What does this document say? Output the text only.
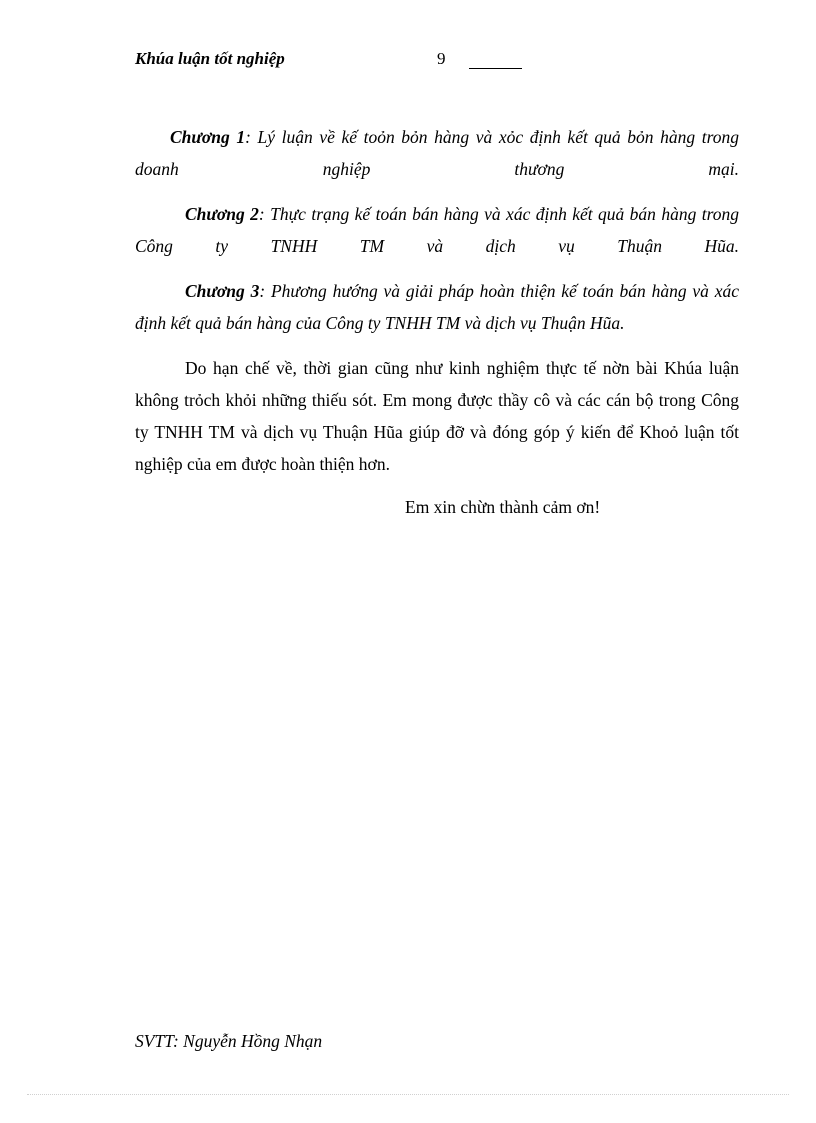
Khúa luận tốt nghiệp	9

Chương 1: Lý luận về kế toỏn bỏn hàng và xỏc định kết quả bỏn hàng trong doanh nghiệp thương mại.

Chương 2: Thực trạng kế toán bán hàng và xác định kết quả bán hàng trong Công ty TNHH TM và dịch vụ Thuận Hũa.

Chương 3: Phương hướng và giải pháp hoàn thiện kế toán bán hàng và xác định kết quả bán hàng của Công ty TNHH TM và dịch vụ Thuận Hũa.

Do hạn chế về, thời gian cũng như kinh nghiệm thực tế nờn bài Khúa luận không trỏch khỏi những thiếu sót. Em mong được thầy cô và các cán bộ trong Công ty TNHH TM và dịch vụ Thuận Hũa giúp đỡ và đóng góp ý kiến để Khoỏ luận tốt nghiệp của em được hoàn thiện hơn.

Em xin chừn thành cảm ơn!
SVTT: Nguyễn Hồng Nhạn
